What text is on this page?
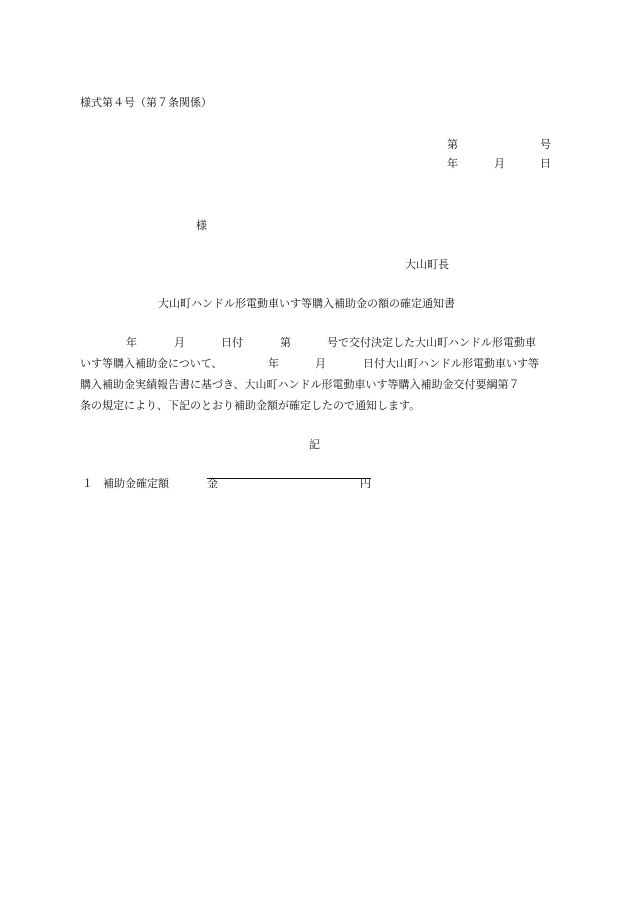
様式第４号（第７条関係）
第	号
年	月	日
様
大山町長
大山町ハンドル形電動車いす等購入補助金の額の確定通知書
年	月	日付	第	号で交付決定した大山町ハンドル形電動車
いす等購入補助金について、	年	月	日付大山町ハンドル形電動車いす等
購入補助金実績報告書に基づき、大山町ハンドル形電動車いす等購入補助金交付要綱第７
条の規定により、下記のとおり補助金額が確定したので通知します。
記
１ 補助金確定額	金	円
